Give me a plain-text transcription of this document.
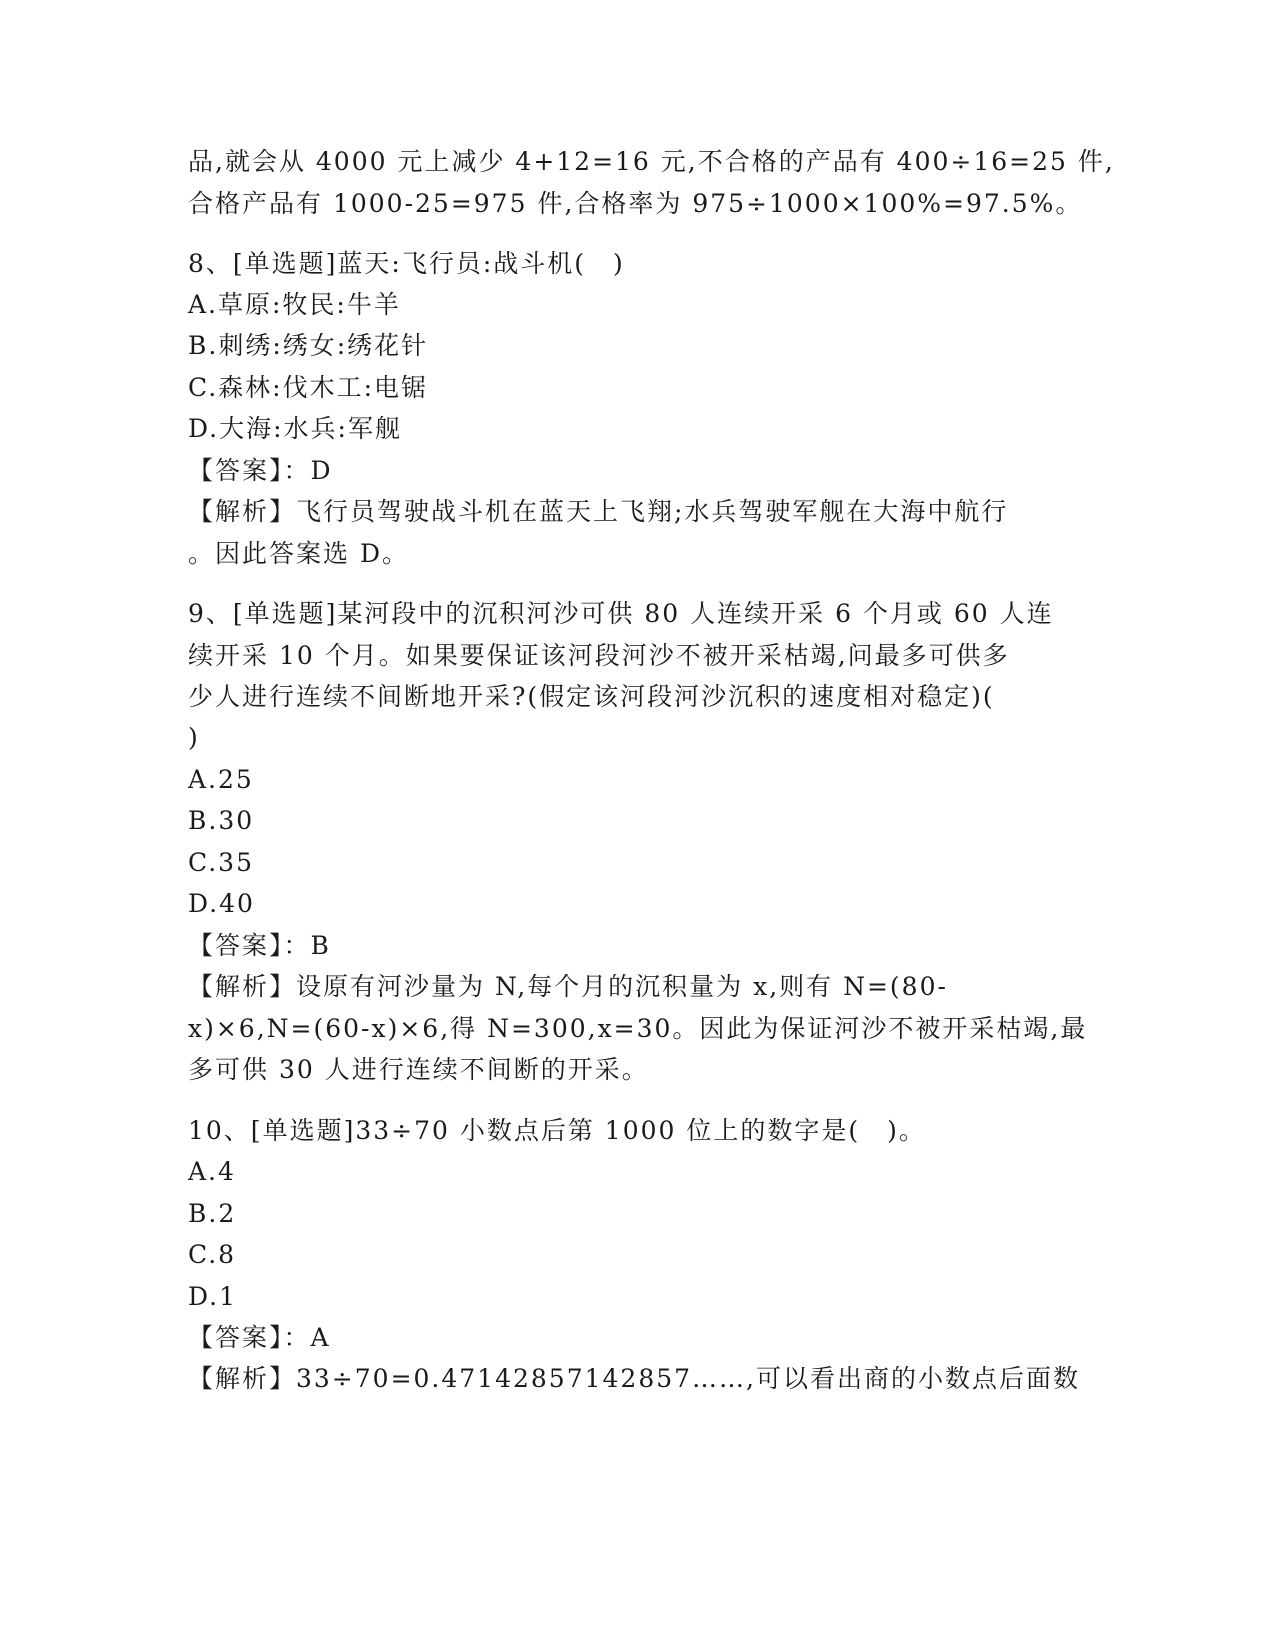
品,就会从 4000 元上减少 4+12=16 元,不合格的产品有 400÷16=25 件,
合格产品有 1000-25=975 件,合格率为 975÷1000×100%=97.5%。
8、[单选题]蓝天:飞行员:战斗机(　)
A.草原:牧民:牛羊
B.刺绣:绣女:绣花针
C.森林:伐木工:电锯
D.大海:水兵:军舰
【答案】：D
【解析】飞行员驾驶战斗机在蓝天上飞翔;水兵驾驶军舰在大海中航行
。因此答案选 D。
9、[单选题]某河段中的沉积河沙可供 80 人连续开采 6 个月或 60 人连
续开采 10 个月。如果要保证该河段河沙不被开采枯竭,问最多可供多
少人进行连续不间断地开采?(假定该河段河沙沉积的速度相对稳定)(
)
A.25
B.30
C.35
D.40
【答案】：B
【解析】设原有河沙量为 N,每个月的沉积量为 x,则有 N=(80-
x)×6,N=(60-x)×6,得 N=300,x=30。因此为保证河沙不被开采枯竭,最
多可供 30 人进行连续不间断的开采。
10、[单选题]33÷70 小数点后第 1000 位上的数字是(　)。
A.4
B.2
C.8
D.1
【答案】：A
【解析】33÷70=0.47142857142857……,可以看出商的小数点后面数
